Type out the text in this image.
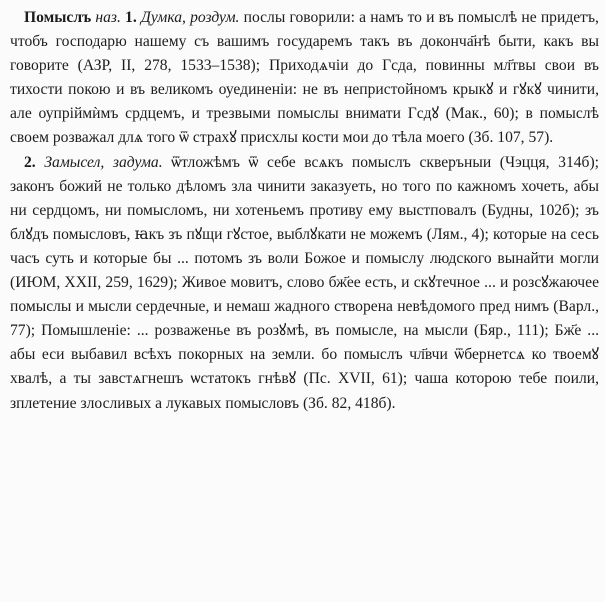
Помыслъ наз. 1. Думка, роздум. послы говорили: а намъ то и въ помыслѣ не придетъ, чтобъ господарю нашему съ вашимъ государемъ такъ въ доконча҃нѣ быти, какъ вы говорите (АЗР, II, 278, 1533–1538); Приходѧчіи до Гсда, повинны мл҃твы свои въ тихости покою и въ великомъ оуединеніи: не въ непристойномъ крыкꙋ и гꙋкꙋ чинити, але оупріймѝмъ срдцемъ, и трезвыми помыслы внимати Гсдꙋ (Мак., 60); в помыслѣ своем розважал длѧ того ѿ страхꙋ присхлы кости мои до тѣла моего (Зб. 107, 57).

2. Замысел, задума. ѿтложѣмъ ѿ себе всѧкъ помыслъ скверъныи (Чэцця, 314б); законъ божий не только дѣломъ зла чинити заказуеть, но того по кажномъ хочеть, абы ни сердцомъ, ни помысломъ, ни хотеньемъ противу ему выстповалъ (Будны, 102б); зъ блꙋдъ помысловъ, ꙗкъ зъ пꙋщи гꙋстое, выблꙋкати не можемъ (Лям., 4); которые на сесь часъ суть и которые бы ... потомъ зъ воли Божое и помыслу людского вынайти могли (ИЮМ, XXII, 259, 1629); Живое мовитъ, слово бж҃ее есть, и скꙋтечное ... и розсꙋжаючее помыслы и мысли сердечные, и немаш жадного створена невѣдомого пред нимъ (Варл., 77); Помышленіе: ... розваженье въ розꙋмѣ, въ помысле, на мысли (Бяр., 111); Бж҃е ... абы еси выбавил всѣхъ покорных на земли. бо помыслъ чл҃вчи ѿбернетсѧ ко твоемꙋ хвалѣ, а ты завстѧгнешъ ѡстатокъ гнѣвꙋ (Пс. XVII, 61); чаша которою тебе поили, зплетение злосливых а лукавых помысловъ (Зб. 82, 418б).
